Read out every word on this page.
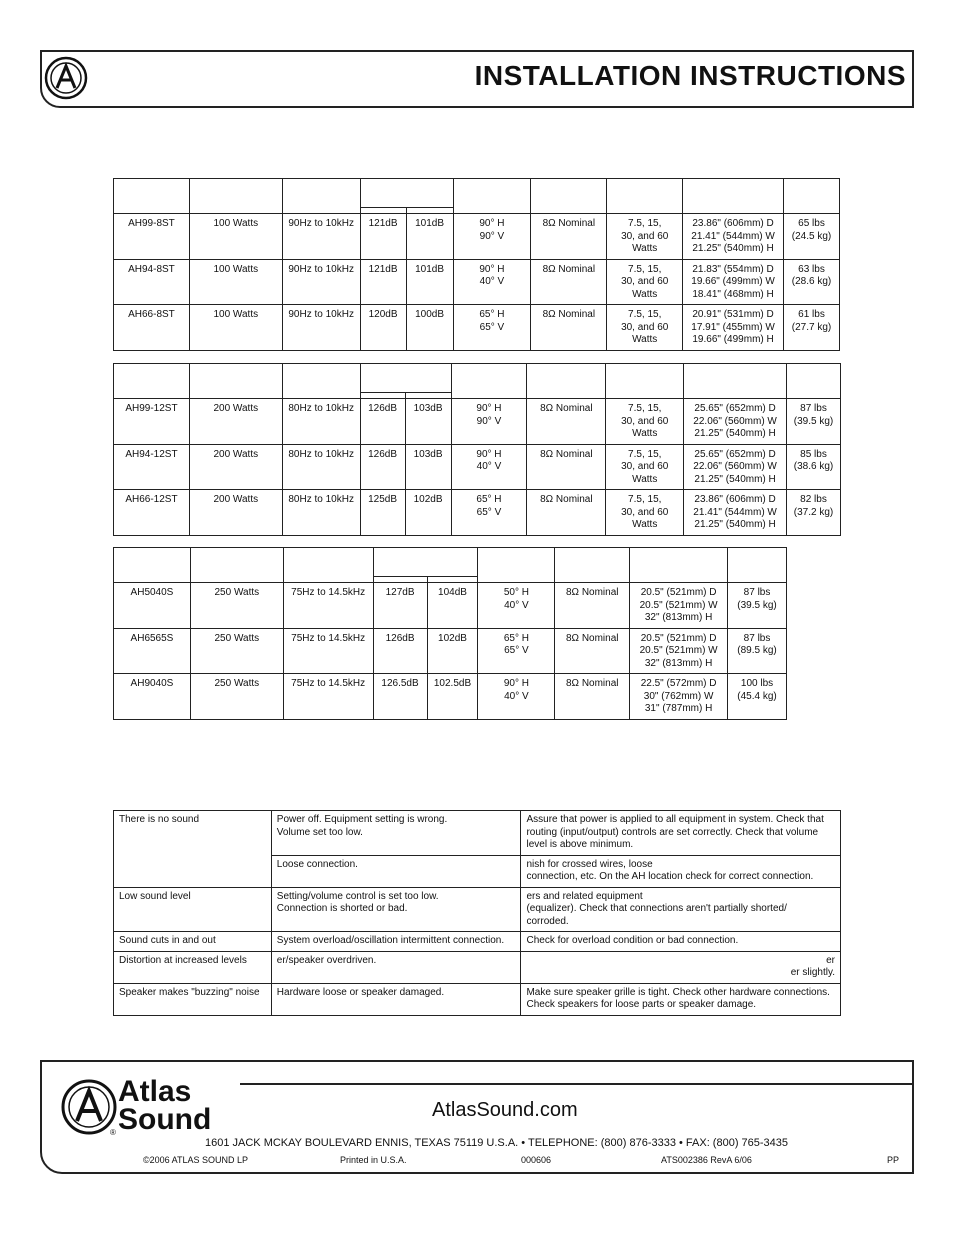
INSTALLATION INSTRUCTIONS

AH99-8ST	100 Watts	90Hz to 10kHz	121dB	101dB	90° H
90° V	8Ω Nominal	7.5, 15,
30, and 60
Watts	23.86" (606mm) D
21.41" (544mm) W
21.25" (540mm) H	65 lbs
(24.5 kg)
AH94-8ST	100 Watts	90Hz to 10kHz	121dB	101dB	90° H
40° V	8Ω Nominal	7.5, 15,
30, and 60
Watts	21.83" (554mm) D
19.66" (499mm) W
18.41" (468mm) H	63 lbs
(28.6 kg)
AH66-8ST	100 Watts	90Hz to 10kHz	120dB	100dB	65° H
65° V	8Ω Nominal	7.5, 15,
30, and 60
Watts	20.91" (531mm) D
17.91" (455mm) W
19.66" (499mm) H	61 lbs
(27.7 kg)

AH99-12ST	200 Watts	80Hz to 10kHz	126dB	103dB	90° H
90° V	8Ω Nominal	7.5, 15,
30, and 60
Watts	25.65" (652mm) D
22.06" (560mm) W
21.25" (540mm) H	87 lbs
(39.5 kg)
AH94-12ST	200 Watts	80Hz to 10kHz	126dB	103dB	90° H
40° V	8Ω Nominal	7.5, 15,
30, and 60
Watts	25.65" (652mm) D
22.06" (560mm) W
21.25" (540mm) H	85 lbs
(38.6 kg)
AH66-12ST	200 Watts	80Hz to 10kHz	125dB	102dB	65° H
65° V	8Ω Nominal	7.5, 15,
30, and 60
Watts	23.86" (606mm) D
21.41" (544mm) W
21.25" (540mm) H	82 lbs
(37.2 kg)

AH5040S	250 Watts	75Hz to 14.5kHz	127dB	104dB	50° H
40° V	8Ω Nominal	20.5" (521mm) D
20.5" (521mm) W
32" (813mm) H	87 lbs
(39.5 kg)
AH6565S	250 Watts	75Hz to 14.5kHz	126dB	102dB	65° H
65° V	8Ω Nominal	20.5" (521mm) D
20.5" (521mm) W
32" (813mm) H	87 lbs
(89.5 kg)
AH9040S	250 Watts	75Hz to 14.5kHz	126.5dB	102.5dB	90° H
40° V	8Ω Nominal	22.5" (572mm) D
30" (762mm) W
31" (787mm) H	100 lbs
(45.4 kg)
There is no sound	Power off. Equipment setting is wrong.
Volume set too low.	Assure that power is applied to all equipment in system. Check that routing (input/output) controls are set correctly. Check that volume level is above minimum.
	Loose connection.	nish for crossed wires, loose
connection, etc. On the AH location check for correct connection.
Low sound level	Setting/volume control is set too low.
Connection is shorted or bad.	ers and related equipment
(equalizer). Check that connections aren't partially shorted/
corroded.
Sound cuts in and out	System overload/oscillation intermittent connection.	Check for overload condition or bad connection.
Distortion at increased levels	er/speaker overdriven.	er
er slightly.
Speaker makes "buzzing" noise	Hardware loose or speaker damaged.	Make sure speaker grille is tight. Check other hardware connections. Check speakers for loose parts or speaker damage.
Atlas
Sound
®
AtlasSound.com
1601 JACK MCKAY BOULEVARD ENNIS, TEXAS 75119 U.S.A. • TELEPHONE: (800) 876-3333 • FAX: (800) 765-3435
©2006 ATLAS SOUND LP	Printed in U.S.A.	000606	ATS002386 RevA 6/06	PP
